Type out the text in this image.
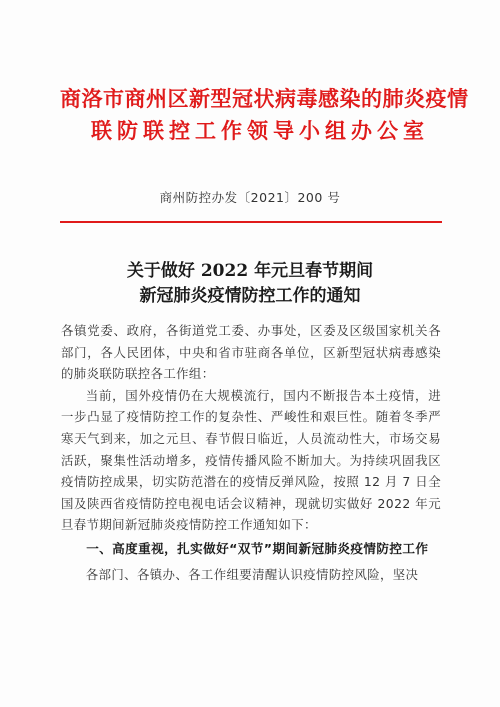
商洛市商州区新型冠状病毒感染的肺炎疫情
联防联控工作领导小组办公室
商州防控办发〔2021〕200 号
关于做好 2022 年元旦春节期间
新冠肺炎疫情防控工作的通知

各镇党委、政府，各街道党工委、办事处，区委及区级国家机关各部门，各人民团体，中央和省市驻商各单位，区新型冠状病毒感染的肺炎联防联控各工作组：

当前，国外疫情仍在大规模流行，国内不断报告本土疫情，进一步凸显了疫情防控工作的复杂性、严峻性和艰巨性。随着冬季严寒天气到来，加之元旦、春节假日临近，人员流动性大，市场交易活跃，聚集性活动增多，疫情传播风险不断加大。为持续巩固我区疫情防控成果，切实防范潜在的疫情反弹风险，按照 12 月 7 日全国及陕西省疫情防控电视电话会议精神，现就切实做好 2022 年元旦春节期间新冠肺炎疫情防控工作通知如下：

一、高度重视，扎实做好“双节”期间新冠肺炎疫情防控工作

各部门、各镇办、各工作组要清醒认识疫情防控风险，坚决
